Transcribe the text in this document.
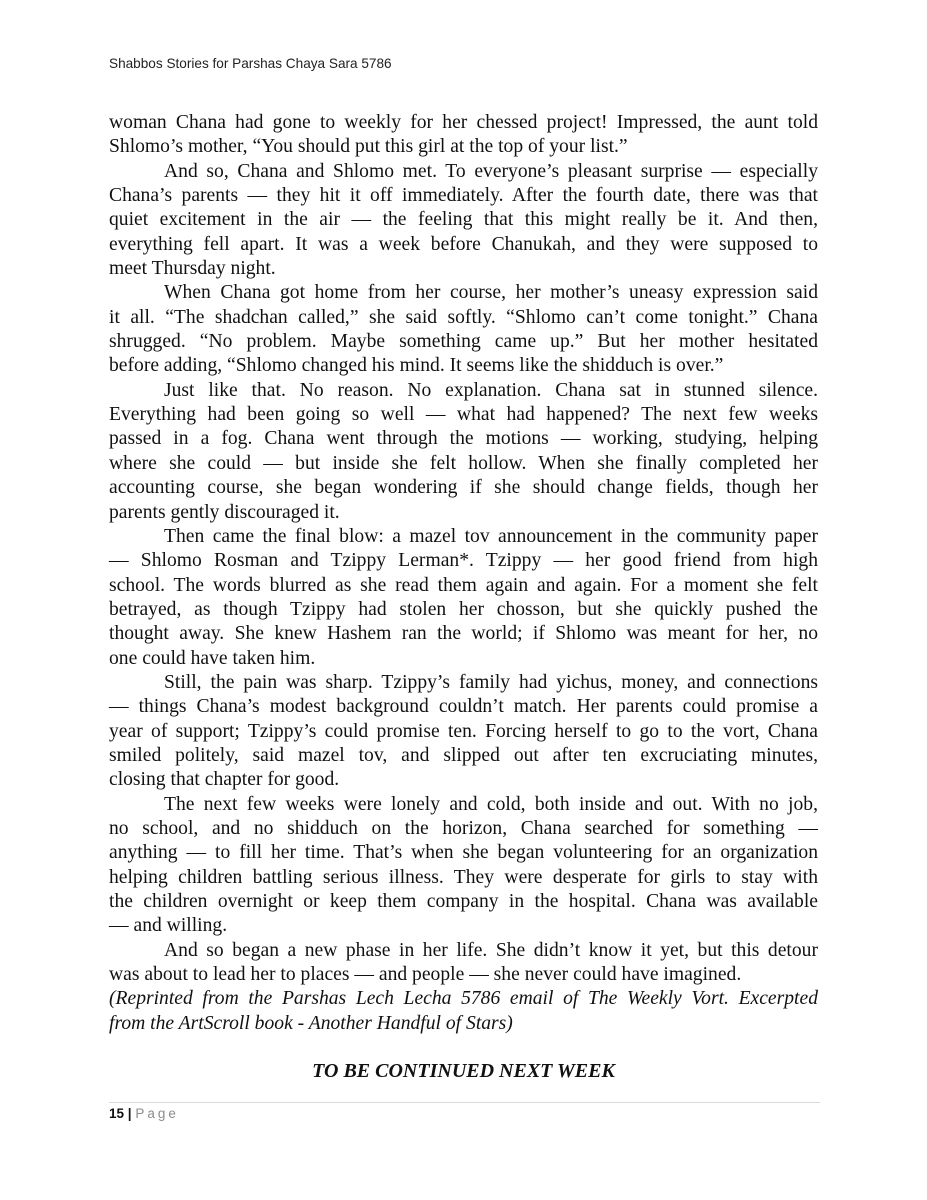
Shabbos Stories for Parshas Chaya Sara 5786
woman Chana had gone to weekly for her chessed project! Impressed, the aunt told
Shlomo’s mother, “You should put this girl at the top of your list.”
And so, Chana and Shlomo met. To everyone’s pleasant surprise — especially
Chana’s parents — they hit it off immediately. After the fourth date, there was that
quiet excitement in the air — the feeling that this might really be it. And then,
everything fell apart. It was a week before Chanukah, and they were supposed to
meet Thursday night.
When Chana got home from her course, her mother’s uneasy expression said
it all. “The shadchan called,” she said softly. “Shlomo can’t come tonight.” Chana
shrugged. “No problem. Maybe something came up.” But her mother hesitated
before adding, “Shlomo changed his mind. It seems like the shidduch is over.”
Just like that. No reason. No explanation. Chana sat in stunned silence.
Everything had been going so well — what had happened? The next few weeks
passed in a fog. Chana went through the motions — working, studying, helping
where she could — but inside she felt hollow. When she finally completed her
accounting course, she began wondering if she should change fields, though her
parents gently discouraged it.
Then came the final blow: a mazel tov announcement in the community paper
— Shlomo Rosman and Tzippy Lerman*. Tzippy — her good friend from high
school. The words blurred as she read them again and again. For a moment she felt
betrayed, as though Tzippy had stolen her chosson, but she quickly pushed the
thought away. She knew Hashem ran the world; if Shlomo was meant for her, no
one could have taken him.
Still, the pain was sharp. Tzippy’s family had yichus, money, and connections
— things Chana’s modest background couldn’t match. Her parents could promise a
year of support; Tzippy’s could promise ten. Forcing herself to go to the vort, Chana
smiled politely, said mazel tov, and slipped out after ten excruciating minutes,
closing that chapter for good.
The next few weeks were lonely and cold, both inside and out. With no job,
no school, and no shidduch on the horizon, Chana searched for something —
anything — to fill her time. That’s when she began volunteering for an organization
helping children battling serious illness. They were desperate for girls to stay with
the children overnight or keep them company in the hospital. Chana was available
— and willing.
And so began a new phase in her life. She didn’t know it yet, but this detour
was about to lead her to places — and people — she never could have imagined.
(Reprinted from the Parshas Lech Lecha 5786 email of The Weekly Vort. Excerpted
from the ArtScroll book - Another Handful of Stars)
TO BE CONTINUED NEXT WEEK
15 | Page
